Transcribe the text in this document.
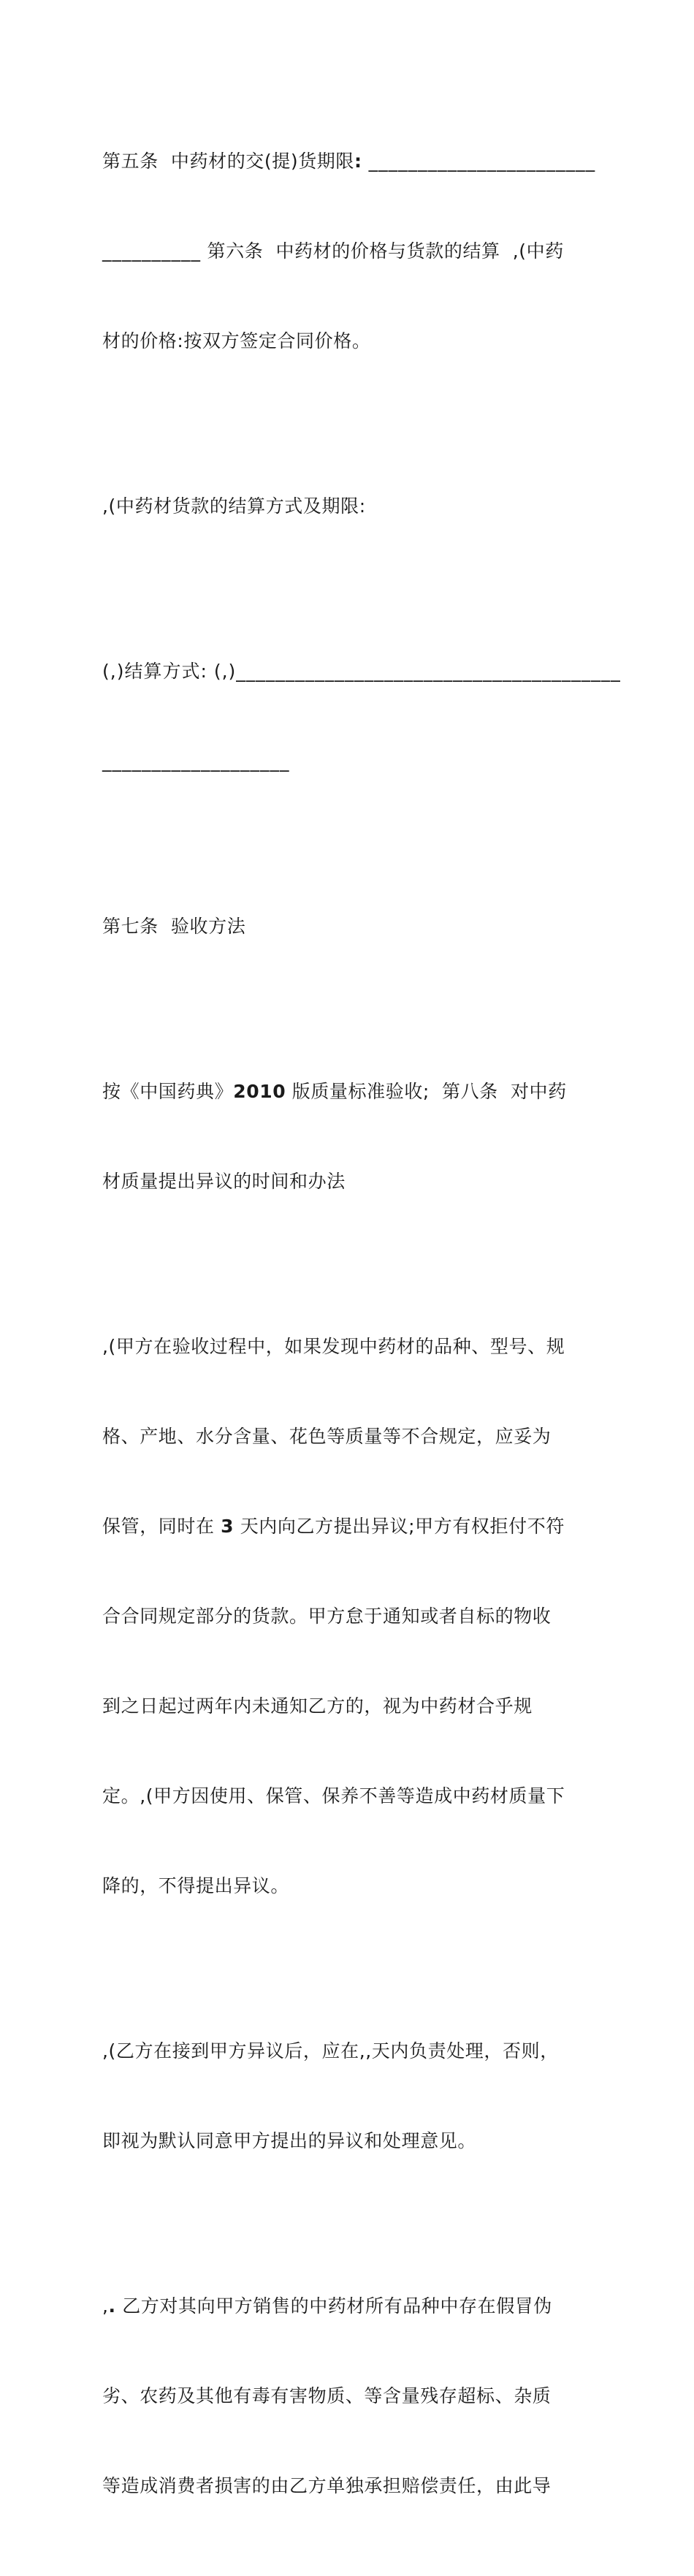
第五条  中药材的交(提)货期限: _______________________

__________ 第六条  中药材的价格与货款的结算  ,(中药

材的价格:按双方签定合同价格。

,(中药材货款的结算方式及期限:

(,)结算方式: (,)_______________________________________

___________________

第七条  验收方法

按《中国药典》2010 版质量标准验收;  第八条  对中药

材质量提出异议的时间和办法

,(甲方在验收过程中，如果发现中药材的品种、型号、规

格、产地、水分含量、花色等质量等不合规定，应妥为

保管，同时在 3 天内向乙方提出异议;甲方有权拒付不符

合合同规定部分的货款。甲方怠于通知或者自标的物收

到之日起过两年内未通知乙方的，视为中药材合乎规

定。,(甲方因使用、保管、保养不善等造成中药材质量下

降的，不得提出异议。

,(乙方在接到甲方异议后，应在,,天内负责处理，否则，

即视为默认同意甲方提出的异议和处理意见。

,. 乙方对其向甲方销售的中药材所有品种中存在假冒伪

劣、农药及其他有毒有害物质、等含量残存超标、杂质

等造成消费者损害的由乙方单独承担赔偿责任，由此导
